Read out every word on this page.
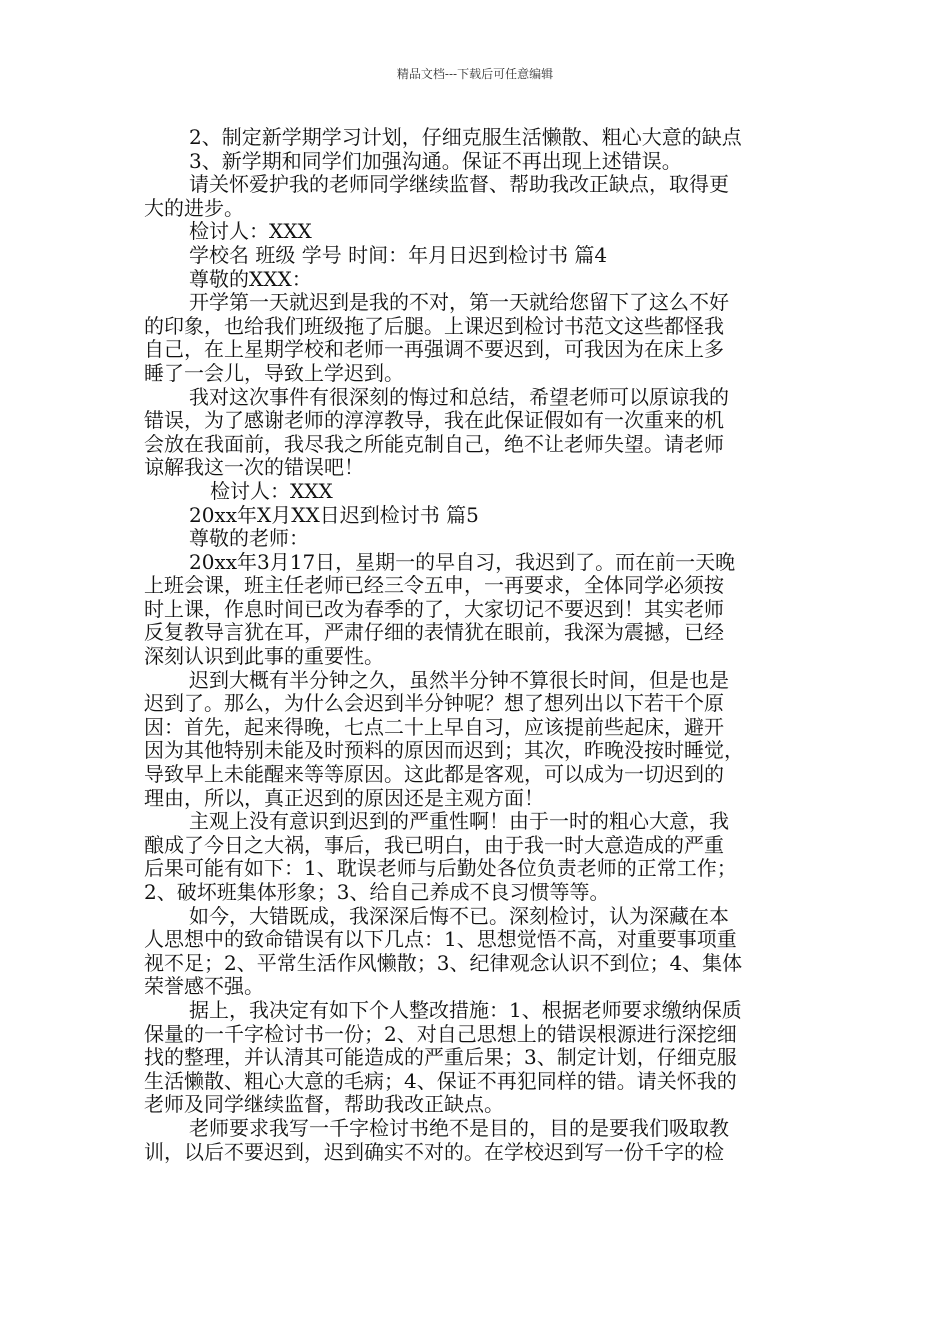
精品文档---下载后可任意编辑
2、制定新学期学习计划，仔细克服生活懒散、粗心大意的缺点
3、新学期和同学们加强沟通。保证不再出现上述错误。
请关怀爱护我的老师同学继续监督、帮助我改正缺点，取得更
大的进步。
检讨人：XXX
学校名 班级 学号 时间：年月日迟到检讨书 篇4
尊敬的XXX：
开学第一天就迟到是我的不对，第一天就给您留下了这么不好
的印象，也给我们班级拖了后腿。上课迟到检讨书范文这些都怪我
自己，在上星期学校和老师一再强调不要迟到，可我因为在床上多
睡了一会儿，导致上学迟到。
我对这次事件有很深刻的悔过和总结，希望老师可以原谅我的
错误，为了感谢老师的淳淳教导，我在此保证假如有一次重来的机
会放在我面前，我尽我之所能克制自己，绝不让老师失望。请老师
谅解我这一次的错误吧！
检讨人：XXX
20xx年X月XX日迟到检讨书 篇5
尊敬的老师：
20xx年3月17日，星期一的早自习，我迟到了。而在前一天晚
上班会课，班主任老师已经三令五申，一再要求，全体同学必须按
时上课，作息时间已改为春季的了，大家切记不要迟到！其实老师
反复教导言犹在耳，严肃仔细的表情犹在眼前，我深为震撼，已经
深刻认识到此事的重要性。
迟到大概有半分钟之久，虽然半分钟不算很长时间，但是也是
迟到了。那么，为什么会迟到半分钟呢？想了想列出以下若干个原
因：首先，起来得晚，七点二十上早自习，应该提前些起床，避开
因为其他特别未能及时预料的原因而迟到；其次，昨晚没按时睡觉，
导致早上未能醒来等等原因。这此都是客观，可以成为一切迟到的
理由，所以，真正迟到的原因还是主观方面！
主观上没有意识到迟到的严重性啊！由于一时的粗心大意，我
酿成了今日之大祸，事后，我已明白，由于我一时大意造成的严重
后果可能有如下：1、耽误老师与后勤处各位负责老师的正常工作；
2、破坏班集体形象；3、给自己养成不良习惯等等。
如今，大错既成，我深深后悔不已。深刻检讨，认为深藏在本
人思想中的致命错误有以下几点：1、思想觉悟不高，对重要事项重
视不足；2、平常生活作风懒散；3、纪律观念认识不到位；4、集体
荣誉感不强。
据上，我决定有如下个人整改措施：1、根据老师要求缴纳保质
保量的一千字检讨书一份；2、对自己思想上的错误根源进行深挖细
找的整理，并认清其可能造成的严重后果；3、制定计划，仔细克服
生活懒散、粗心大意的毛病；4、保证不再犯同样的错。请关怀我的
老师及同学继续监督，帮助我改正缺点。
老师要求我写一千字检讨书绝不是目的，目的是要我们吸取教
训，以后不要迟到，迟到确实不对的。在学校迟到写一份千字的检
